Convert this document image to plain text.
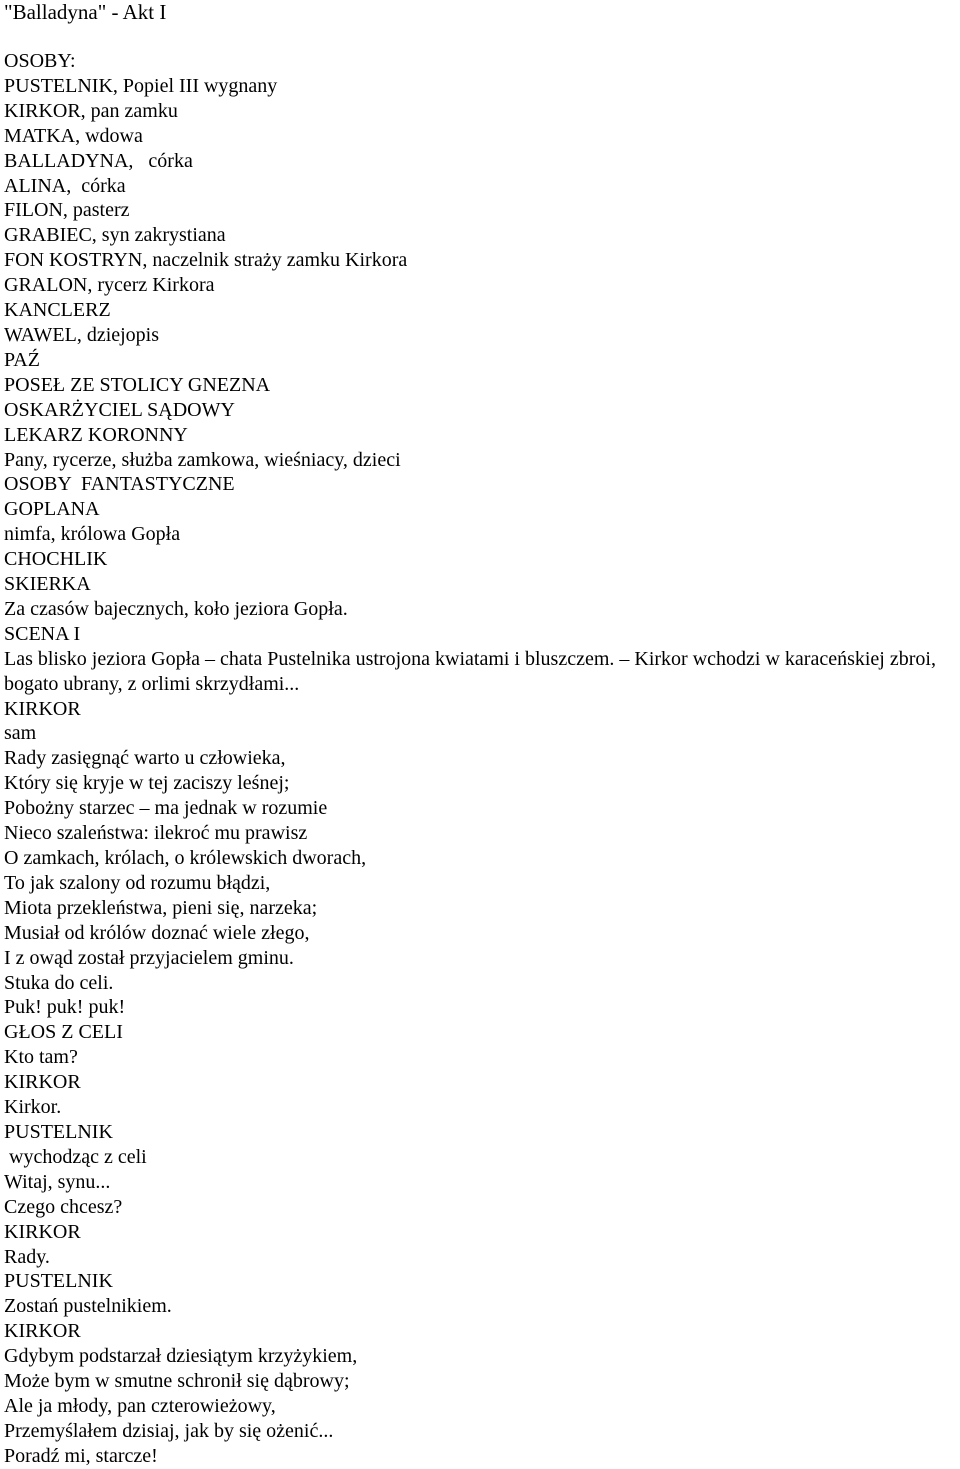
"Balladyna" - Akt I
OSOBY:
PUSTELNIK, Popiel III wygnany
KIRKOR, pan zamku
MATKA, wdowa
BALLADYNA,   córka
ALINA,  córka
FILON, pasterz
GRABIEC, syn zakrystiana
FON KOSTRYN, naczelnik straży zamku Kirkora
GRALON, rycerz Kirkora
KANCLERZ
WAWEL, dziejopis
PAŹ
POSEŁ ZE STOLICY GNEZNA
OSKARŻYCIEL SĄDOWY
LEKARZ KORONNY
Pany, rycerze, służba zamkowa, wieśniacy, dzieci
OSOBY  FANTASTYCZNE
GOPLANA
nimfa, królowa Gopła
CHOCHLIK
SKIERKA
Za czasów bajecznych, koło jeziora Gopła.
SCENA I
Las blisko jeziora Gopła – chata Pustelnika ustrojona kwiatami i bluszczem. – Kirkor wchodzi w karaceńskiej zbroi, bogato ubrany, z orlimi skrzydłami...
KIRKOR
sam
Rady zasięgnąć warto u człowieka,
Który się kryje w tej zaciszy leśnej;
Pobożny starzec – ma jednak w rozumie
Nieco szaleństwa: ilekroć mu prawisz
O zamkach, królach, o królewskich dworach,
To jak szalony od rozumu błądzi,
Miota przekleństwa, pieni się, narzeka;
Musiał od królów doznać wiele złego,
I z owąd został przyjacielem gminu.
Stuka do celi.
Puk! puk! puk!
GŁOS Z CELI
Kto tam?
KIRKOR
Kirkor.
PUSTELNIK
wychodząc z celi
Witaj, synu...
Czego chcesz?
KIRKOR
Rady.
PUSTELNIK
Zostań pustelnikiem.
KIRKOR
Gdybym podstarzał dziesiątym krzyżykiem,
Może bym w smutne schronił się dąbrowy;
Ale ja młody, pan czterowieżowy,
Przemyślałem dzisiaj, jak by się ożenić...
Poradź mi, starcze!
